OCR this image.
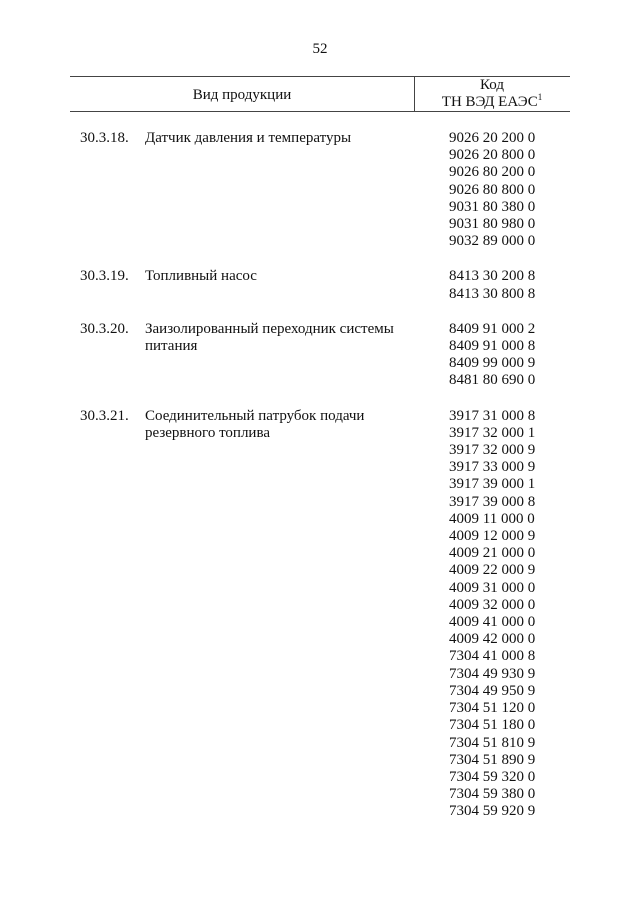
52
Вид продукции
Код
ТН ВЭД ЕАЭС$^1$
30.3.18. Датчик давления и температуры	9026 20 200 0
9026 20 800 0
9026 80 200 0
9026 80 800 0
9031 80 380 0
9031 80 980 0
9032 89 000 0
30.3.19. Топливный насос	8413 30 200 8
8413 30 800 8
30.3.20. Заизолированный переходник системы питания
8409 91 000 2
8409 91 000 8
8409 99 000 9
8481 80 690 0
30.3.21. Соединительный патрубок подачи резервного топлива
3917 31 000 8
3917 32 000 1
3917 32 000 9
3917 33 000 9
3917 39 000 1
3917 39 000 8
4009 11 000 0
4009 12 000 9
4009 21 000 0
4009 22 000 9
4009 31 000 0
4009 32 000 0
4009 41 000 0
4009 42 000 0
7304 41 000 8
7304 49 930 9
7304 49 950 9
7304 51 120 0
7304 51 180 0
7304 51 810 9
7304 51 890 9
7304 59 320 0
7304 59 380 0
7304 59 920 9
